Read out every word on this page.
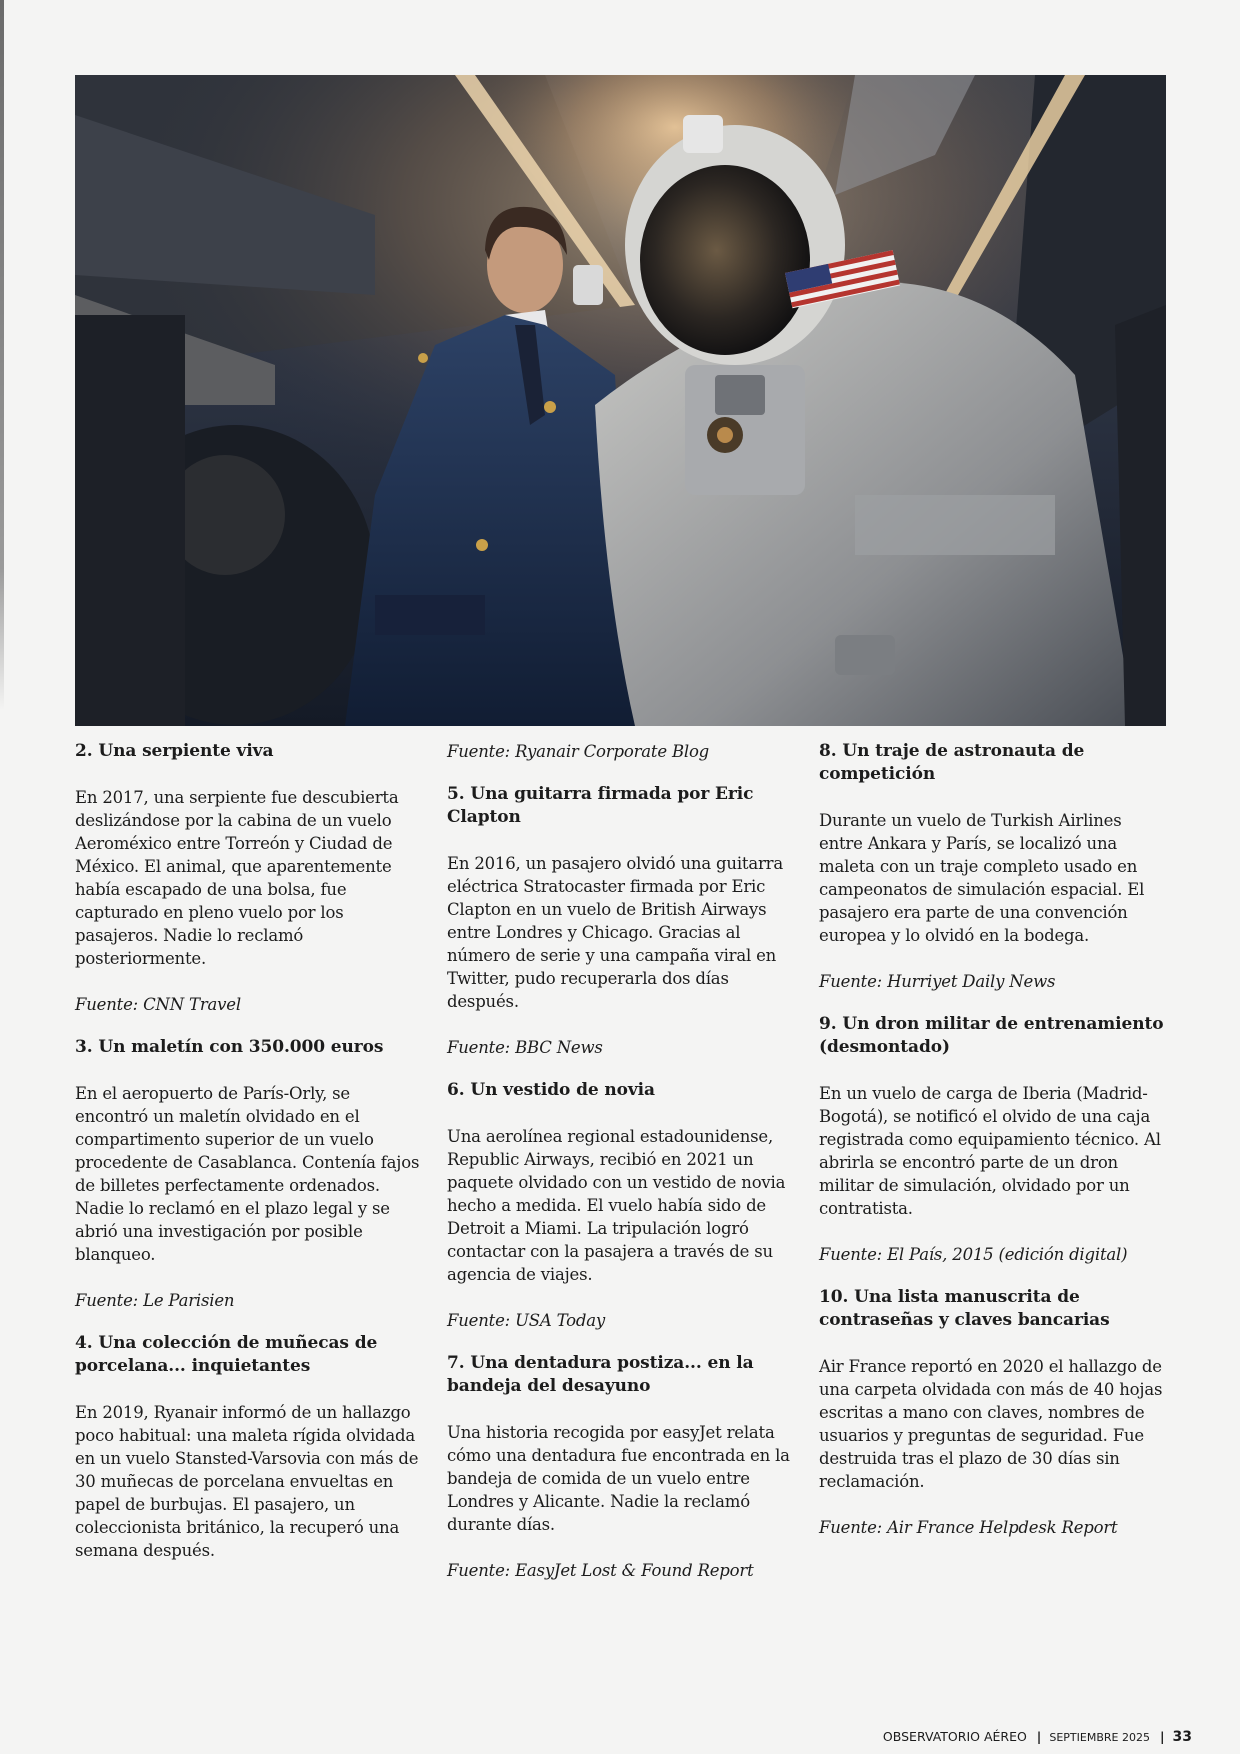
2. Una serpiente viva

En 2017, una serpiente fue descubierta deslizándose por la cabina de un vuelo Aeroméxico entre Torreón y Ciudad de México. El animal, que aparentemente había escapado de una bolsa, fue capturado en pleno vuelo por los pasajeros. Nadie lo reclamó posteriormente.

Fuente: CNN Travel

3. Un maletín con 350.000 euros

En el aeropuerto de París-Orly, se encontró un maletín olvidado en el compartimento superior de un vuelo procedente de Casablanca. Contenía fajos de billetes perfectamente ordenados. Nadie lo reclamó en el plazo legal y se abrió una investigación por posible blanqueo.

Fuente: Le Parisien

4. Una colección de muñecas de porcelana... inquietantes

En 2019, Ryanair informó de un hallazgo poco habitual: una maleta rígida olvidada en un vuelo Stansted-Varsovia con más de 30 muñecas de porcelana envueltas en papel de burbujas. El pasajero, un coleccionista británico, la recuperó una semana después.

Fuente: Ryanair Corporate Blog

5. Una guitarra firmada por Eric Clapton

En 2016, un pasajero olvidó una guitarra eléctrica Stratocaster firmada por Eric Clapton en un vuelo de British Airways entre Londres y Chicago. Gracias al número de serie y una campaña viral en Twitter, pudo recuperarla dos días después.

Fuente: BBC News

6. Un vestido de novia

Una aerolínea regional estadounidense, Republic Airways, recibió en 2021 un paquete olvidado con un vestido de novia hecho a medida. El vuelo había sido de Detroit a Miami. La tripulación logró contactar con la pasajera a través de su agencia de viajes.

Fuente: USA Today

7. Una dentadura postiza... en la bandeja del desayuno

Una historia recogida por easyJet relata cómo una dentadura fue encontrada en la bandeja de comida de un vuelo entre Londres y Alicante. Nadie la reclamó durante días.

Fuente: EasyJet Lost & Found Report

8. Un traje de astronauta de competición

Durante un vuelo de Turkish Airlines entre Ankara y París, se localizó una maleta con un traje completo usado en campeonatos de simulación espacial. El pasajero era parte de una convención europea y lo olvidó en la bodega.

Fuente: Hurriyet Daily News

9. Un dron militar de entrenamiento (desmontado)

En un vuelo de carga de Iberia (Madrid-Bogotá), se notificó el olvido de una caja registrada como equipamiento técnico. Al abrirla se encontró parte de un dron militar de simulación, olvidado por un contratista.

Fuente: El País, 2015 (edición digital)

10. Una lista manuscrita de contraseñas y claves bancarias

Air France reportó en 2020 el hallazgo de una carpeta olvidada con más de 40 hojas escritas a mano con claves, nombres de usuarios y preguntas de seguridad. Fue destruida tras el plazo de 30 días sin reclamación.

Fuente: Air France Helpdesk Report

OBSERVATORIO AÉREO | SEPTIEMBRE 2025 | 33
